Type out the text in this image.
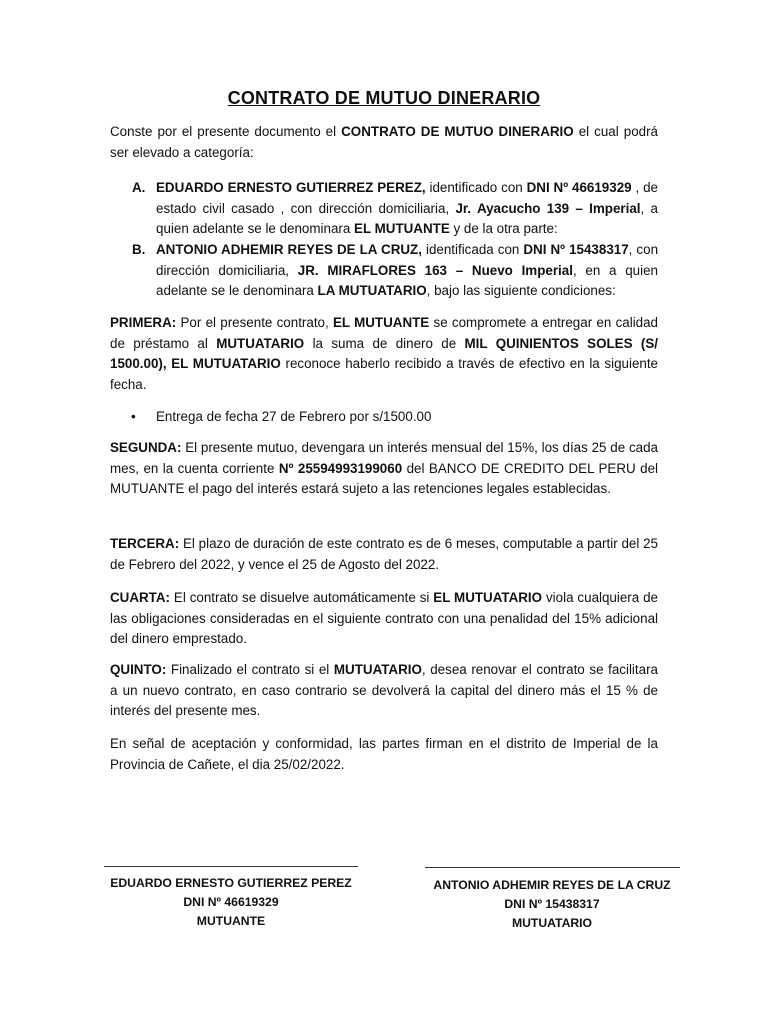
CONTRATO DE MUTUO DINERARIO
Conste por el presente documento el CONTRATO DE MUTUO DINERARIO el cual podrá ser elevado a categoría:
A. EDUARDO ERNESTO GUTIERREZ PEREZ, identificado con DNI Nº 46619329 , de estado civil casado , con dirección domiciliaria, Jr. Ayacucho 139 – Imperial, a quien adelante se le denominara EL MUTUANTE y de la otra parte:
B. ANTONIO ADHEMIR REYES DE LA CRUZ, identificada con DNI Nº 15438317, con dirección domiciliaria, JR. MIRAFLORES 163 – Nuevo Imperial, en a quien adelante se le denominara LA MUTUATARIO, bajo las siguiente condiciones:
PRIMERA: Por el presente contrato, EL MUTUANTE se compromete a entregar en calidad de préstamo al MUTUATARIO la suma de dinero de MIL QUINIENTOS SOLES (S/ 1500.00), EL MUTUATARIO reconoce haberlo recibido a través de efectivo en la siguiente fecha.
• Entrega de fecha 27 de Febrero por s/1500.00
SEGUNDA: El presente mutuo, devengara un interés mensual del 15%, los días 25 de cada mes, en la cuenta corriente Nº 25594993199060 del BANCO DE CREDITO DEL PERU del MUTUANTE el pago del interés estará sujeto a las retenciones legales establecidas.
TERCERA: El plazo de duración de este contrato es de 6 meses, computable a partir del 25 de Febrero del 2022, y vence el 25 de Agosto del 2022.
CUARTA: El contrato se disuelve automáticamente si EL MUTUATARIO viola cualquiera de las obligaciones consideradas en el siguiente contrato con una penalidad del 15% adicional del dinero emprestado.
QUINTO: Finalizado el contrato si el MUTUATARIO, desea renovar el contrato se facilitara a un nuevo contrato, en caso contrario se devolverá la capital del dinero más el 15 % de interés del presente mes.
En señal de aceptación y conformidad, las partes firman en el distrito de Imperial de la Provincia de Cañete, el dia 25/02/2022.
EDUARDO ERNESTO GUTIERREZ PEREZ
DNI Nº 46619329
MUTUANTE
ANTONIO ADHEMIR REYES DE LA CRUZ
DNI Nº 15438317
MUTUATARIO
